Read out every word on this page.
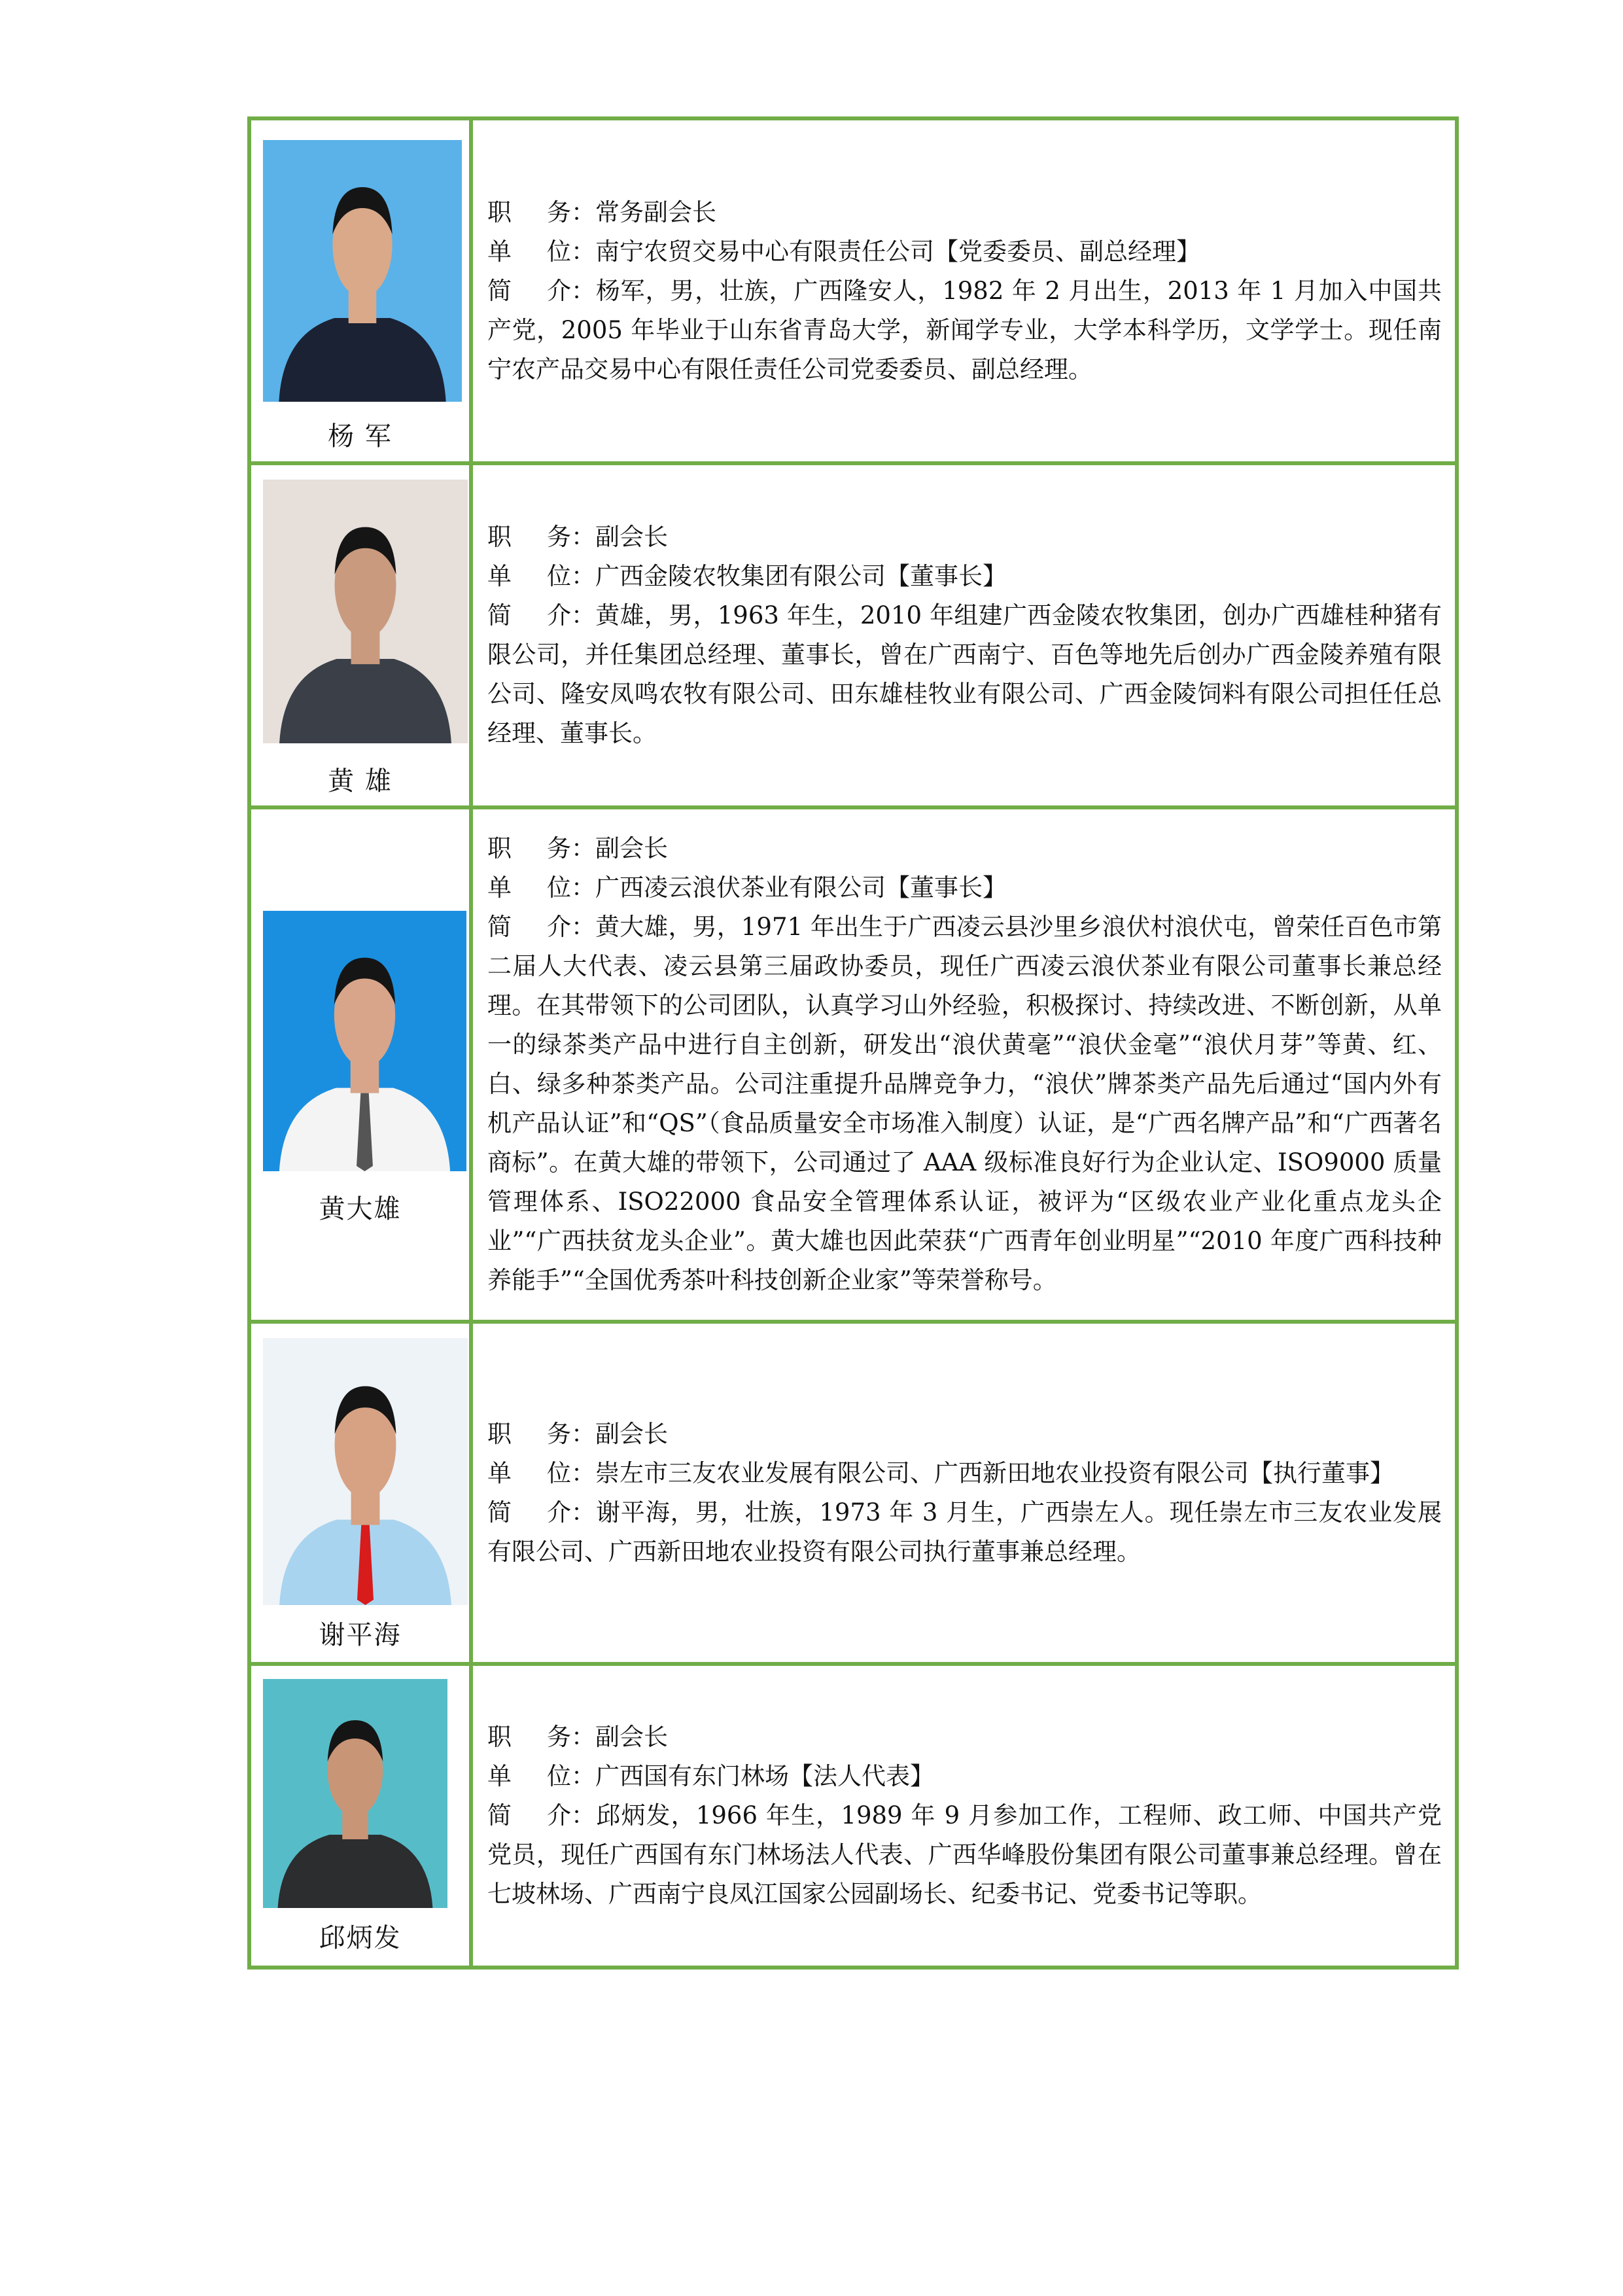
杨 军
职 务：常务副会长
单 位：南宁农贸交易中心有限责任公司【党委委员、副总经理】
简 介：杨军，男，壮族，广西隆安人，1982 年 2 月出生，2013 年 1 月加入中国共产党，2005 年毕业于山东省青岛大学，新闻学专业，大学本科学历，文学学士。现任南宁农产品交易中心有限任责任公司党委委员、副总经理。
黄 雄
职 务：副会长
单 位：广西金陵农牧集团有限公司【董事长】
简 介：黄雄，男，1963 年生，2010 年组建广西金陵农牧集团，创办广西雄桂种猪有限公司，并任集团总经理、董事长，曾在广西南宁、百色等地先后创办广西金陵养殖有限公司、隆安凤鸣农牧有限公司、田东雄桂牧业有限公司、广西金陵饲料有限公司担任任总经理、董事长。
黄大雄
职 务：副会长
单 位：广西凌云浪伏茶业有限公司【董事长】
简 介：黄大雄，男，1971 年出生于广西凌云县沙里乡浪伏村浪伏屯，曾荣任百色市第二届人大代表、凌云县第三届政协委员，现任广西凌云浪伏茶业有限公司董事长兼总经理。在其带领下的公司团队，认真学习山外经验，积极探讨、持续改进、不断创新，从单一的绿茶类产品中进行自主创新，研发出“浪伏黄毫”“浪伏金毫”“浪伏月芽”等黄、红、白、绿多种茶类产品。公司注重提升品牌竞争力，“浪伏”牌茶类产品先后通过“国内外有机产品认证”和“QS”（食品质量安全市场准入制度）认证，是“广西名牌产品”和“广西著名商标”。在黄大雄的带领下，公司通过了 AAA 级标准良好行为企业认定、ISO9000 质量管理体系、ISO22000 食品安全管理体系认证，被评为“区级农业产业化重点龙头企业”“广西扶贫龙头企业”。黄大雄也因此荣获“广西青年创业明星”“2010 年度广西科技种养能手”“全国优秀茶叶科技创新企业家”等荣誉称号。
谢平海
职 务：副会长
单 位：崇左市三友农业发展有限公司、广西新田地农业投资有限公司【执行董事】
简 介：谢平海，男，壮族，1973 年 3 月生，广西崇左人。现任崇左市三友农业发展有限公司、广西新田地农业投资有限公司执行董事兼总经理。
邱炳发
职 务：副会长
单 位：广西国有东门林场【法人代表】
简 介：邱炳发，1966 年生，1989 年 9 月参加工作，工程师、政工师、中国共产党党员，现任广西国有东门林场法人代表、广西华峰股份集团有限公司董事兼总经理。曾在七坡林场、广西南宁良凤江国家公园副场长、纪委书记、党委书记等职。
